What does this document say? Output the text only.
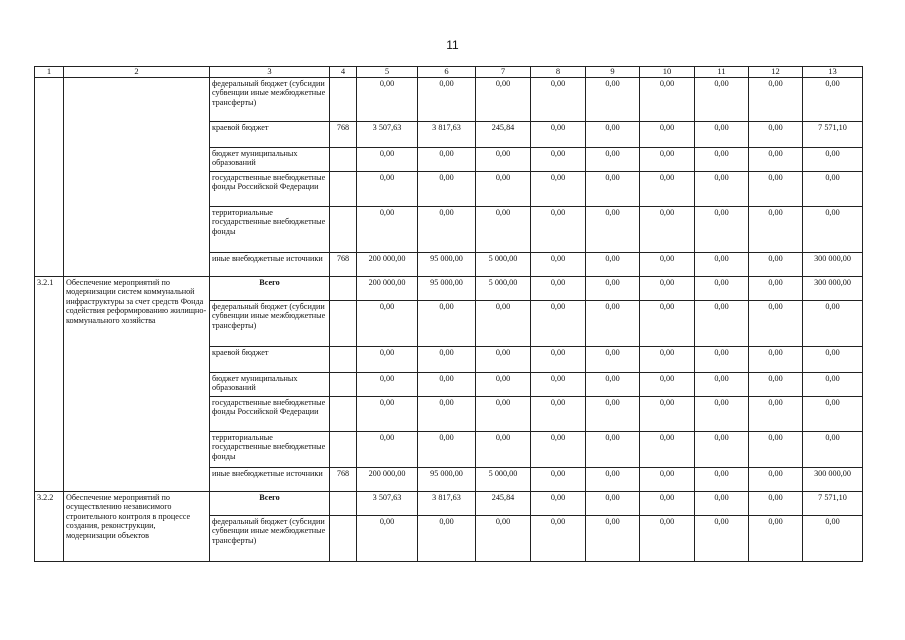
11
1	2	3	4	5	6	7	8	9	10	11	12	13
		федеральный бюджет (субсидии субвенции иные межбюджетные трансферты)		0,00	0,00	0,00	0,00	0,00	0,00	0,00	0,00	0,00
		краевой бюджет	768	3 507,63	3 817,63	245,84	0,00	0,00	0,00	0,00	0,00	7 571,10
		бюджет муниципальных образований		0,00	0,00	0,00	0,00	0,00	0,00	0,00	0,00	0,00
		государственные внебюджетные фонды Российской Федерации		0,00	0,00	0,00	0,00	0,00	0,00	0,00	0,00	0,00
		территориальные государственные внебюджетные фонды		0,00	0,00	0,00	0,00	0,00	0,00	0,00	0,00	0,00
		иные внебюджетные источники	768	200 000,00	95 000,00	5 000,00	0,00	0,00	0,00	0,00	0,00	300 000,00
3.2.1	Обеспечение мероприятий по модернизации систем коммунальной инфраструктуры за счет средств Фонда содействия реформированию жилищно-коммунального хозяйства	Всего		200 000,00	95 000,00	5 000,00	0,00	0,00	0,00	0,00	0,00	300 000,00
		федеральный бюджет (субсидии субвенции иные межбюджетные трансферты)		0,00	0,00	0,00	0,00	0,00	0,00	0,00	0,00	0,00
		краевой бюджет		0,00	0,00	0,00	0,00	0,00	0,00	0,00	0,00	0,00
		бюджет муниципальных образований		0,00	0,00	0,00	0,00	0,00	0,00	0,00	0,00	0,00
		государственные внебюджетные фонды Российской Федерации		0,00	0,00	0,00	0,00	0,00	0,00	0,00	0,00	0,00
		территориальные государственные внебюджетные фонды		0,00	0,00	0,00	0,00	0,00	0,00	0,00	0,00	0,00
		иные внебюджетные источники	768	200 000,00	95 000,00	5 000,00	0,00	0,00	0,00	0,00	0,00	300 000,00
3.2.2	Обеспечение мероприятий по осуществлению независимого строительного контроля в процессе создания, реконструкции, модернизации объектов	Всего		3 507,63	3 817,63	245,84	0,00	0,00	0,00	0,00	0,00	7 571,10
		федеральный бюджет (субсидии субвенции иные межбюджетные трансферты)		0,00	0,00	0,00	0,00	0,00	0,00	0,00	0,00	0,00
